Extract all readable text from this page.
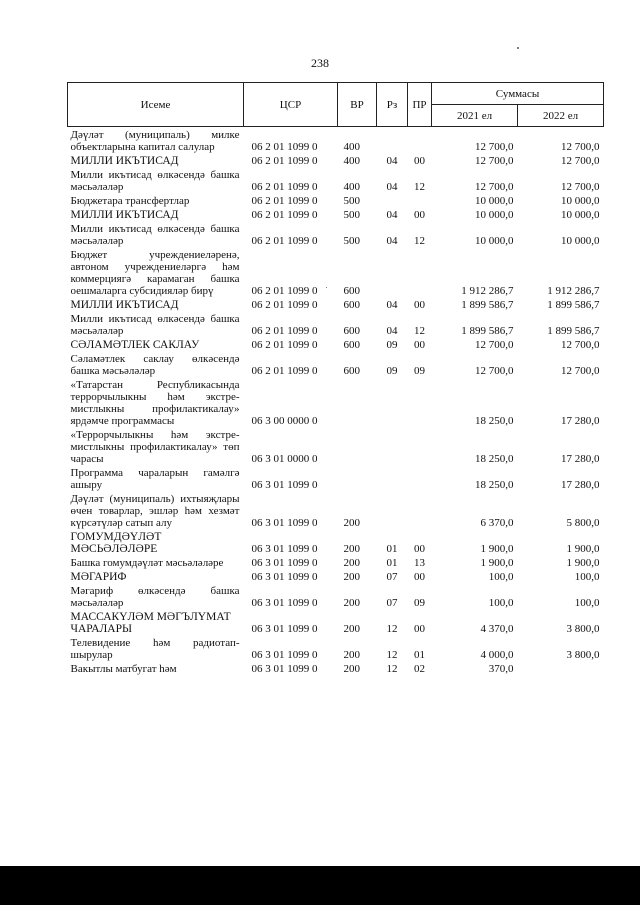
238
Исеме	ЦСР	ВР	Рз	ПР	Суммасы	
					2021 ел	2022 ел
Дәүләт (муниципаль) милке объектларына капитал салулар	06 2 01 1099 0	400			12 700,0	12 700,0
МИЛЛИ ИКЪТИСАД	06 2 01 1099 0	400	04	00	12 700,0	12 700,0
Милли икътисад өлкәсендә башка мәсьәләләр	06 2 01 1099 0	400	04	12	12 700,0	12 700,0
Бюджетара трансфертлар	06 2 01 1099 0	500			10 000,0	10 000,0
МИЛЛИ ИКЪТИСАД	06 2 01 1099 0	500	04	00	10 000,0	10 000,0
Милли икътисад өлкәсендә башка мәсьәләләр	06 2 01 1099 0	500	04	12	10 000,0	10 000,0
Бюджет учреждениеләренә, автоном учреждениеләргә һәм коммерциягә карамаган башка оешмаларга субсидияләр бирү	06 2 01 1099 0	600			1 912 286,7	1 912 286,7
МИЛЛИ ИКЪТИСАД	06 2 01 1099 0	600	04	00	1 899 586,7	1 899 586,7
Милли икътисад өлкәсендә башка мәсьәләләр	06 2 01 1099 0	600	04	12	1 899 586,7	1 899 586,7
СӘЛАМӘТЛЕК САКЛАУ	06 2 01 1099 0	600	09	00	12 700,0	12 700,0
Сәламәтлек саклау өлкәсендә башка мәсьәләләр	06 2 01 1099 0	600	09	09	12 700,0	12 700,0
«Татарстан Республикасында террорчылыкны һәм экстре-мистлыкны профилактикалау» ярдәмче программасы	06 3 00 0000 0				18 250,0	17 280,0
«Террорчылыкны һәм экстре-мистлыкны профилактикалау» төп чарасы	06 3 01 0000 0				18 250,0	17 280,0
Программа чараларын гамәлгә ашыру	06 3 01 1099 0				18 250,0	17 280,0
Дәүләт (муниципаль) ихтыяҗлары өчен товарлар, эшләр һәм хезмәт күрсәтүләр сатып алу	06 3 01 1099 0	200			6 370,0	5 800,0
ГОМУМДӘҮЛӘТ МӘСЬӘЛӘЛӘРЕ	06 3 01 1099 0	200	01	00	1 900,0	1 900,0
Башка гомумдәүләт мәсьәләләре	06 3 01 1099 0	200	01	13	1 900,0	1 900,0
МӘГАРИФ	06 3 01 1099 0	200	07	00	100,0	100,0
Мәгариф өлкәсендә башка мәсьәләләр	06 3 01 1099 0	200	07	09	100,0	100,0
МАССАКҮЛӘМ МӘГЪЛҮМАТ ЧАРАЛАРЫ	06 3 01 1099 0	200	12	00	4 370,0	3 800,0
Телевидение һәм радиотап-шырулар	06 3 01 1099 0	200	12	01	4 000,0	3 800,0
Вакытлы матбугат һәм	06 3 01 1099 0	200	12	02	370,0	
